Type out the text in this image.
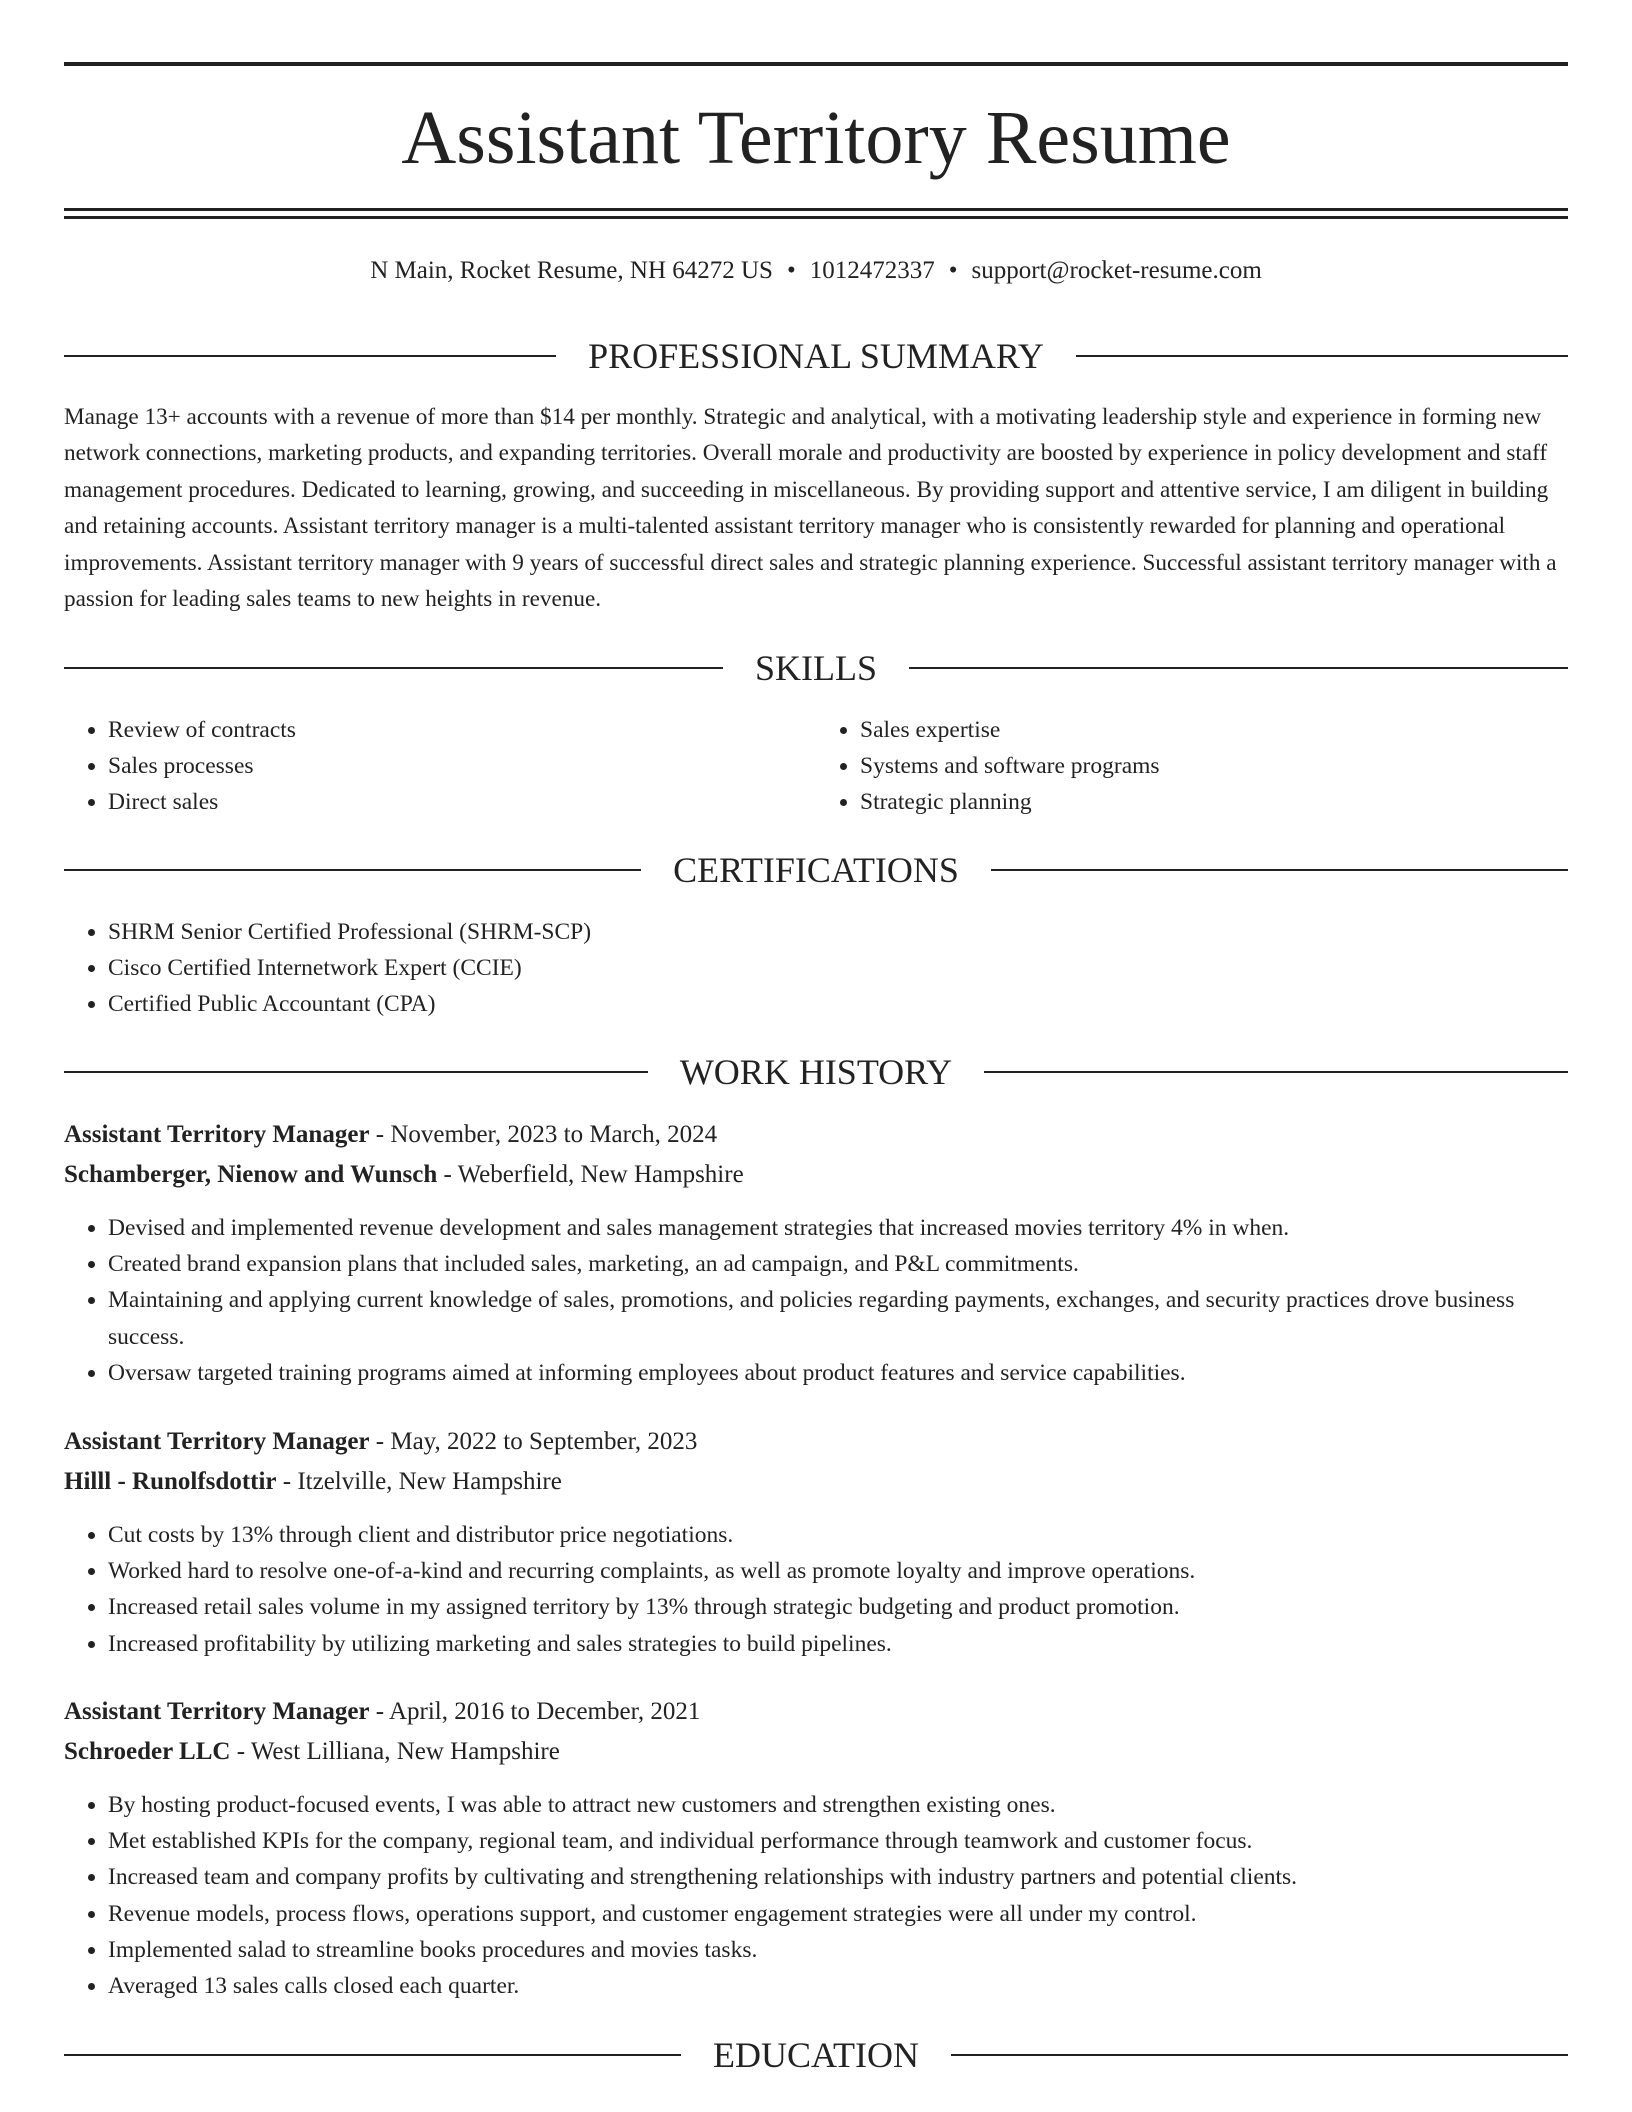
Assistant Territory Resume
N Main, Rocket Resume, NH 64272 US • 1012472337 • support@rocket-resume.com
PROFESSIONAL SUMMARY

Manage 13+ accounts with a revenue of more than $14 per monthly. Strategic and analytical, with a motivating leadership style and experience in forming new network connections, marketing products, and expanding territories. Overall morale and productivity are boosted by experience in policy development and staff management procedures. Dedicated to learning, growing, and succeeding in miscellaneous. By providing support and attentive service, I am diligent in building and retaining accounts. Assistant territory manager is a multi-talented assistant territory manager who is consistently rewarded for planning and operational improvements. Assistant territory manager with 9 years of successful direct sales and strategic planning experience. Successful assistant territory manager with a passion for leading sales teams to new heights in revenue.

SKILLS
• Review of contracts
• Sales processes
• Direct sales
• Sales expertise
• Systems and software programs
• Strategic planning
CERTIFICATIONS
• SHRM Senior Certified Professional (SHRM-SCP)
• Cisco Certified Internetwork Expert (CCIE)
• Certified Public Accountant (CPA)
WORK HISTORY
Assistant Territory Manager - November, 2023 to March, 2024
Schamberger, Nienow and Wunsch - Weberfield, New Hampshire
• Devised and implemented revenue development and sales management strategies that increased movies territory 4% in when.
• Created brand expansion plans that included sales, marketing, an ad campaign, and P&L commitments.
• Maintaining and applying current knowledge of sales, promotions, and policies regarding payments, exchanges, and security practices drove business success.
• Oversaw targeted training programs aimed at informing employees about product features and service capabilities.
Assistant Territory Manager - May, 2022 to September, 2023
Hilll - Runolfsdottir - Itzelville, New Hampshire
• Cut costs by 13% through client and distributor price negotiations.
• Worked hard to resolve one-of-a-kind and recurring complaints, as well as promote loyalty and improve operations.
• Increased retail sales volume in my assigned territory by 13% through strategic budgeting and product promotion.
• Increased profitability by utilizing marketing and sales strategies to build pipelines.
Assistant Territory Manager - April, 2016 to December, 2021
Schroeder LLC - West Lilliana, New Hampshire
• By hosting product-focused events, I was able to attract new customers and strengthen existing ones.
• Met established KPIs for the company, regional team, and individual performance through teamwork and customer focus.
• Increased team and company profits by cultivating and strengthening relationships with industry partners and potential clients.
• Revenue models, process flows, operations support, and customer engagement strategies were all under my control.
• Implemented salad to streamline books procedures and movies tasks.
• Averaged 13 sales calls closed each quarter.
EDUCATION
